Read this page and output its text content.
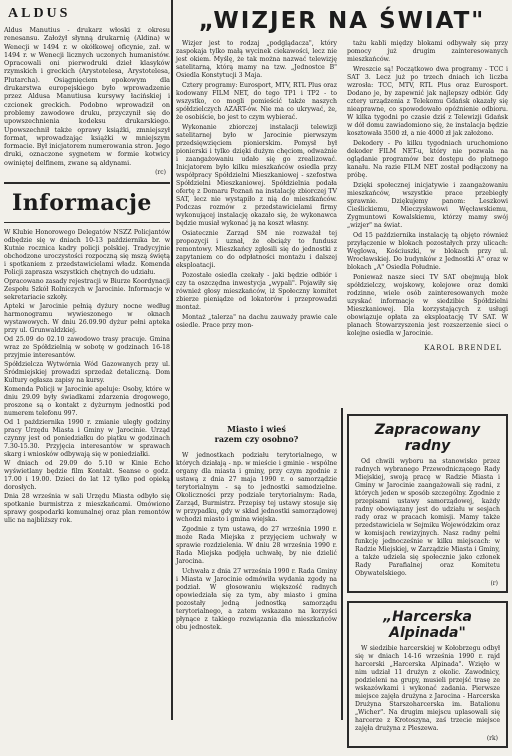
ALDUS

Aldus Manutius - drukarz włoski z okresu renesansu. Założył słynną drukarnię (Aldina) w Wenecji w 1494 r. w okółkowej oficynie, zał. w 1494 r. w Wenecji licznych uczonych humanistów. Opracowali oni pierwodruki dzieł klasyków rzymskich i greckich (Arystotelesa, Arystotelesa, Plutarcha). Osiągnięciem epokowym dla drukarstwa europejskiego było wprowadzenie przez Aldusa Manutiusa kursywy łacińskiej i czcionek greckich. Podobno wprowadził on problemy zawodowe druku, przyczynił się do upowszechnienia kodeksu drukarskiego. Upowszechnił także oprawy książki, zmniejszył format, wprowadzając książki w mniejszym formacie. Był inicjatorem numerowania stron. Jego druki, oznaczone sygnetem w formie kotwicy owiniętej delfinem, zwane są aldynami.

(rc)
Informacje

W Klubie Honorowego Delegatów NSZZ Policjantów odbędzie się w dniach 10-13 października br. w Kutnie rocznica kadry policji polskiej. Tradycyjnie obchodzone uroczystości rozpoczną się mszą świętą i spotkaniem z przedstawicielami władz. Komenda Policji zaprasza wszystkich chętnych do udziału.

Opracowano zasady rejestracji w Biurze Koordynacji Zespołu Szkół Rolniczych w Jarocinie. Informacje w sekretariacie szkoły.

Apteki w Jarocinie pełnią dyżury nocne według harmonogramu wywieszonego w oknach wystawowych. W dniu 26.09.90 dyżur pełni apteka przy ul. Grunwaldzkiej.

Od 25.09 do 02.10 zawodowo trasy pracuje. Gmina wraz ze Spółdzielnią w sobotę w godzinach 16-18 przyjmie interesantów.

Spółdzielcza Wytwórnia Wód Gazowanych przy ul. Śródmiejskiej prowadzi sprzedaż detaliczną. Dom Kultury ogłasza zapisy na kursy.

Komenda Policji w Jarocinie apeluje: Osoby, które w dniu 29.09 były świadkami zdarzenia drogowego, proszone są o kontakt z dyżurnym jednostki pod numerem telefonu 997.

Od 1 października 1990 r. zmianie uległy godziny pracy Urzędu Miasta i Gminy w Jarocinie. Urząd czynny jest od poniedziałku do piątku w godzinach 7.30-15.30. Przyjęcia interesantów w sprawach skarg i wniosków odbywają się w poniedziałki.

W dniach od 29.09 do 5.10 w Kinie Echo wyświetlany będzie film Kontakt. Seanse o godz. 17.00 i 19.00. Dzieci do lat 12 tylko pod opieką dorosłych.

Dnia 28 września w sali Urzędu Miasta odbyło się spotkanie burmistrza z mieszkańcami. Omówiono sprawy gospodarki komunalnej oraz plan remontów ulic na najbliższy rok.

„WIZJER NA ŚWIAT"

Wizjer jest to rodzaj „podglądacza", który zaspokaja tylko małą wycinek ciekawości, lecz nie jest okiem. Myślę, że tak można nazwać telewizję satelitarną, którą mamy na tzw. „Jednostce B" Osiedla Konstytucji 3 Maja.

Cztery programy: Eurosport, MTV, RTL Plus oraz kodowany FILM NET, do tego TP1 i TP2 - to wszystko, co mogli pomieścić także naszych spółdzielczych AZART-ów. Nie ma co ukrywać, że, że osobiście, bo jest to czym wybierać.

Wykonanie zbiorczej instalacji telewizji satelitarnej było w Jarocinie pierwszym przedsięwzięciem pionierskim. Pomysł był pionierski i tylko dzięki dużym chęciom, odważnie i zaangażowaniu udało się go zrealizować. Inicjatorem było kilku mieszkańców osiedla przy współpracy Spółdzielni Mieszkaniowej - szefostwa Spółdzielni Mieszkaniowej. Spółdzielnia podała ofertę z Domaru Poznań na instalację zbiorczej TV SAT, lecz nie wystąpiło z nią do mieszkańców. Podczas rozmów z przedstawicielami firmy wykonującej instalację okazało się, że wykonawca będzie musiał wykonać ją na koszt własny.

Osiatecznie Zarząd SM nie rozważał tej propozycji i uznał, że obciąży to fundusz remontowy. Mieszkańcy zgłosili się do jednostki z zapytaniem co do odpłatności montażu i dalszej eksploatacji.

Pozostałe osiedla czekały - jaki będzie odbiór i czy ta oszczędna inwestycja „wypali". Pojawiły się również głosy mieszkańców, iż Społeczny komitet zbierze pieniądze od lokatorów i przeprowadzi montaż.

Montaż „talerza" na dachu zauważy prawie cale osiedle. Prace przy mon-

tażu kabli między blokami odbywały się przy pomocy już drugim zainteresowanych mieszkańców.

Wreszcie są! Początkowo dwa programy - TCC i SAT 3. Lecz już po trzech dniach ich liczba wzrosła: TCC, MTV, RTL Plus oraz Eurosport. Dodano je, by zapewnić jak najlepszy odbiór. Gdy cztery urządzenia z Telekomu Gdańsk okazały się nieaprawne, co spowodowało opóźnienie odbioru. W kilka tygodni po czasie dziś z Telewizji Gdańsk w dół domu zawiadomiono się, że instalacja będzie kosztowała 3500 zł, a nie 4000 zł jak założono.

Dekodery - Po kilku tygodniach uruchomiono dekoder FILM NET-u, który nie pozwala na oglądanie programów bez dostępu do płatnego kanału. Na razie FILM NET został podłączony na próbę.

Dzięki społecznej inicjatywie i zaangażowaniu mieszkańców, wszystkie prace przebiegły sprawnie. Dziękujemy panom: Leszkowi Cieślickiemu, Mieczysławowi Węcławskiemu, Zygmuntowi Kowalskiemu, którzy mamy swój „wizjer" na świat.

Od 15 października instalację tą objęto również przyłączenie w blokach pozostałych przy ulicach: Węglowa, Kościuszki, w blokach przy ul. Wrocławskiej. Do budynków z Jednostki A" oraz w blokach „A" Osiedla Południe.

Ponieważ nasze sieci TV SAT obejmują blok spółdzielczy, wojskowy, kolejowe oraz domki rodzinne, wiele osób zainteresowanych może uzyskać informacje w siedzibie Spółdzielni Mieszkaniowej. Dla korzystających z usługi obowiązuje opłata za eksploatację TV SAT. W planach Stowarzyszenia jest rozszerzenie sieci o kolejne osiedla w Jarocinie.

KAROL BRENDEL
Miasto i wieś
razem czy osobno?

W jednostkach podziału terytorialnego, w których działają - np. w mieście i gminie - wspólne organy dla miasta i gminy, przy czym zgodnie z ustawą z dnia 27 maja 1990 r. o samorządzie terytorialnym - są to jednostki samodzielne. Okoliczności przy podziale terytorialnym: Rada, Zarząd, Burmistrz. Przepisy tej ustawy stosuje się w przypadku, gdy w skład jednostki samorządowej wchodzi miasto i gmina wiejska.

Zgodnie z tym ustawa, do 27 września 1990 r. może Rada Miejska z przyjęciem uchwały w sprawie rozdzielenia. W dniu 28 września 1990 r. Rada Miejska podjęła uchwałę, by nie dzielić Jarocina.

Uchwała z dnia 27 września 1990 r. Rada Gminy i Miasta w Jarocinie odmówiła wydania zgody na podział. W głosowaniu większość radnych opowiedziała się za tym, aby miasto i gmina pozostały jedną jednostką samorządu terytorialnego, a zatem wskazano na korzyści płynące z takiego rozwiązania dla mieszkańców obu jednostek.

Zapracowany radny

Od chwili wyboru na stanowisko przez radnych wybranego Przewodniczącego Rady Miejskiej, swoją pracę w Radzie Miasta i Gminy w Jarocinie zaangażowali się radni, z których jeden w sposób szczególny. Zgodnie z przepisami ustawy samorządowej, każdy radny obowiązany jest do udziału w sesjach rady oraz w pracach komisji. Mamy także przedstawiciela w Sejmiku Wojewódzkim oraz w komisjach rewizyjnych. Nasz radny pełni funkcję jednocześnie w kilku miejscach: w Radzie Miejskiej, w Zarządzie Miasta i Gminy, a także udziela się społecznie jako członek Rady Parafialnej oraz Komitetu Obywatelskiego.

(r)
„Harcerska Alpinada"

W siedzibie harcerskiej w Kołobrzegu odbył się w dniach 14-16 września 1990 r. rajd harcerski „Harcerska Alpinada". Wzięło w nim udział 11 drużyn z okolic. Zawodnicy, podzieleni na grupy, musieli przejść trasę ze wskazówkami i wykonać zadania. Pierwsze miejsce zajęła drużyna z Jarocina - Harcerska Drużyna Starszoharcerska im. Batalionu „Wicher". Na drugim miejscu uplasowali się harcerze z Krotoszyna, zaś trzecie miejsce zajęła drużyna z Pleszewa.

(rk)
